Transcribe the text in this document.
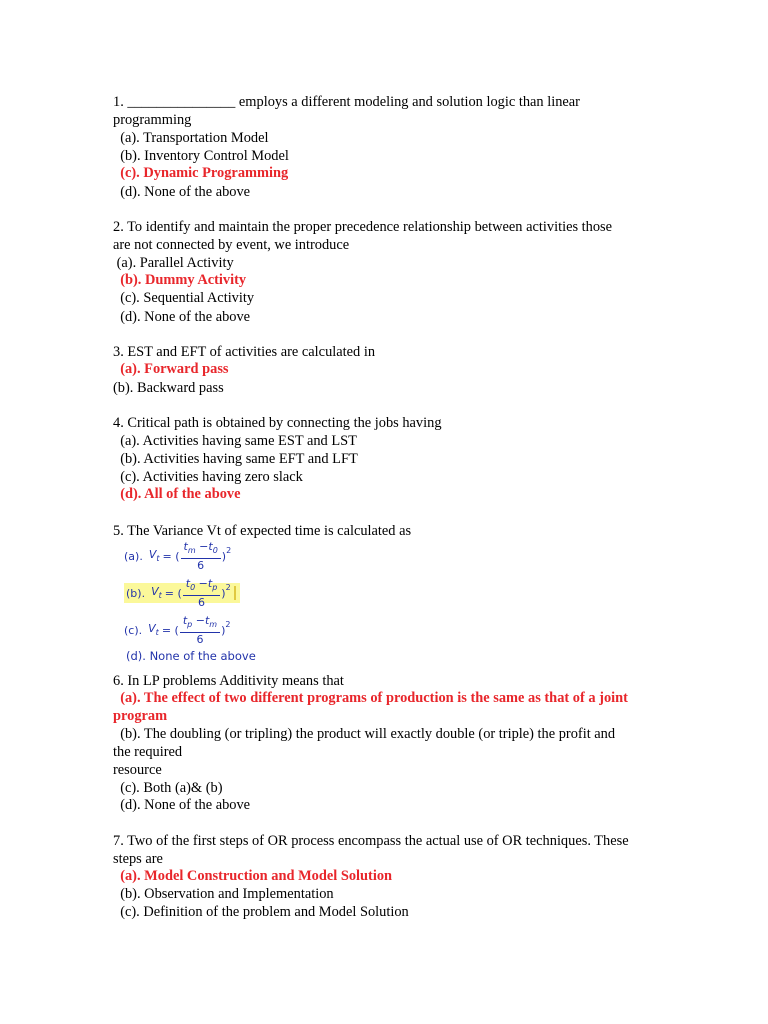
1. _______________ employs a different modeling and solution logic than linear
programming
(a). Transportation Model
(b). Inventory Control Model
(c). Dynamic Programming
(d). None of the above
2. To identify and maintain the proper precedence relationship between activities those
are not connected by event, we introduce
(a). Parallel Activity
(b). Dummy Activity
(c). Sequential Activity
(d). None of the above
3. EST and EFT of activities are calculated in
(a). Forward pass
(b). Backward pass
4. Critical path is obtained by connecting the jobs having
(a). Activities having same EST and LST
(b). Activities having same EFT and LFT
(c). Activities having zero slack
(d). All of the above
5. The Variance Vt of expected time is calculated as
(a). $V_t$ = ( $\frac{t_m -t_0}{6} )^2$
(b). $V_t$ = ( $\frac{t_0 -t_p}{6} )^2$
(c). $V_t$ = ( $\frac{t_p -t_m}{6} )^2$
(d). None of the above
6. In LP problems Additivity means that
(a). The effect of two different programs of production is the same as that of a joint
program
(b). The doubling (or tripling) the product will exactly double (or triple) the profit and
the required
resource
(c). Both (a)& (b)
(d). None of the above
7. Two of the first steps of OR process encompass the actual use of OR techniques. These
steps are
(a). Model Construction and Model Solution
(b). Observation and Implementation
(c). Definition of the problem and Model Solution
